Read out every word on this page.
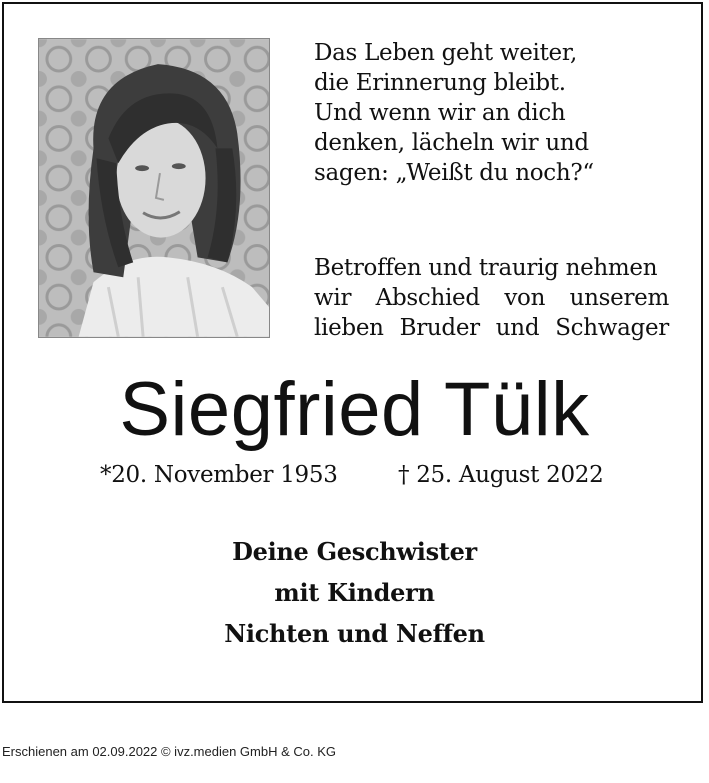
Das Leben geht weiter,
die Erinnerung bleibt.
Und wenn wir an dich
denken, lächeln wir und
sagen: „Weißt du noch?“
Betroffen und traurig nehmen
wir Abschied von unserem
lieben Bruder und Schwager
Siegfried Tülk
*20. November 1953	† 25. August 2022
Deine Geschwister
mit Kindern
Nichten und Neffen
Erschienen am 02.09.2022 © ivz.medien GmbH & Co. KG
